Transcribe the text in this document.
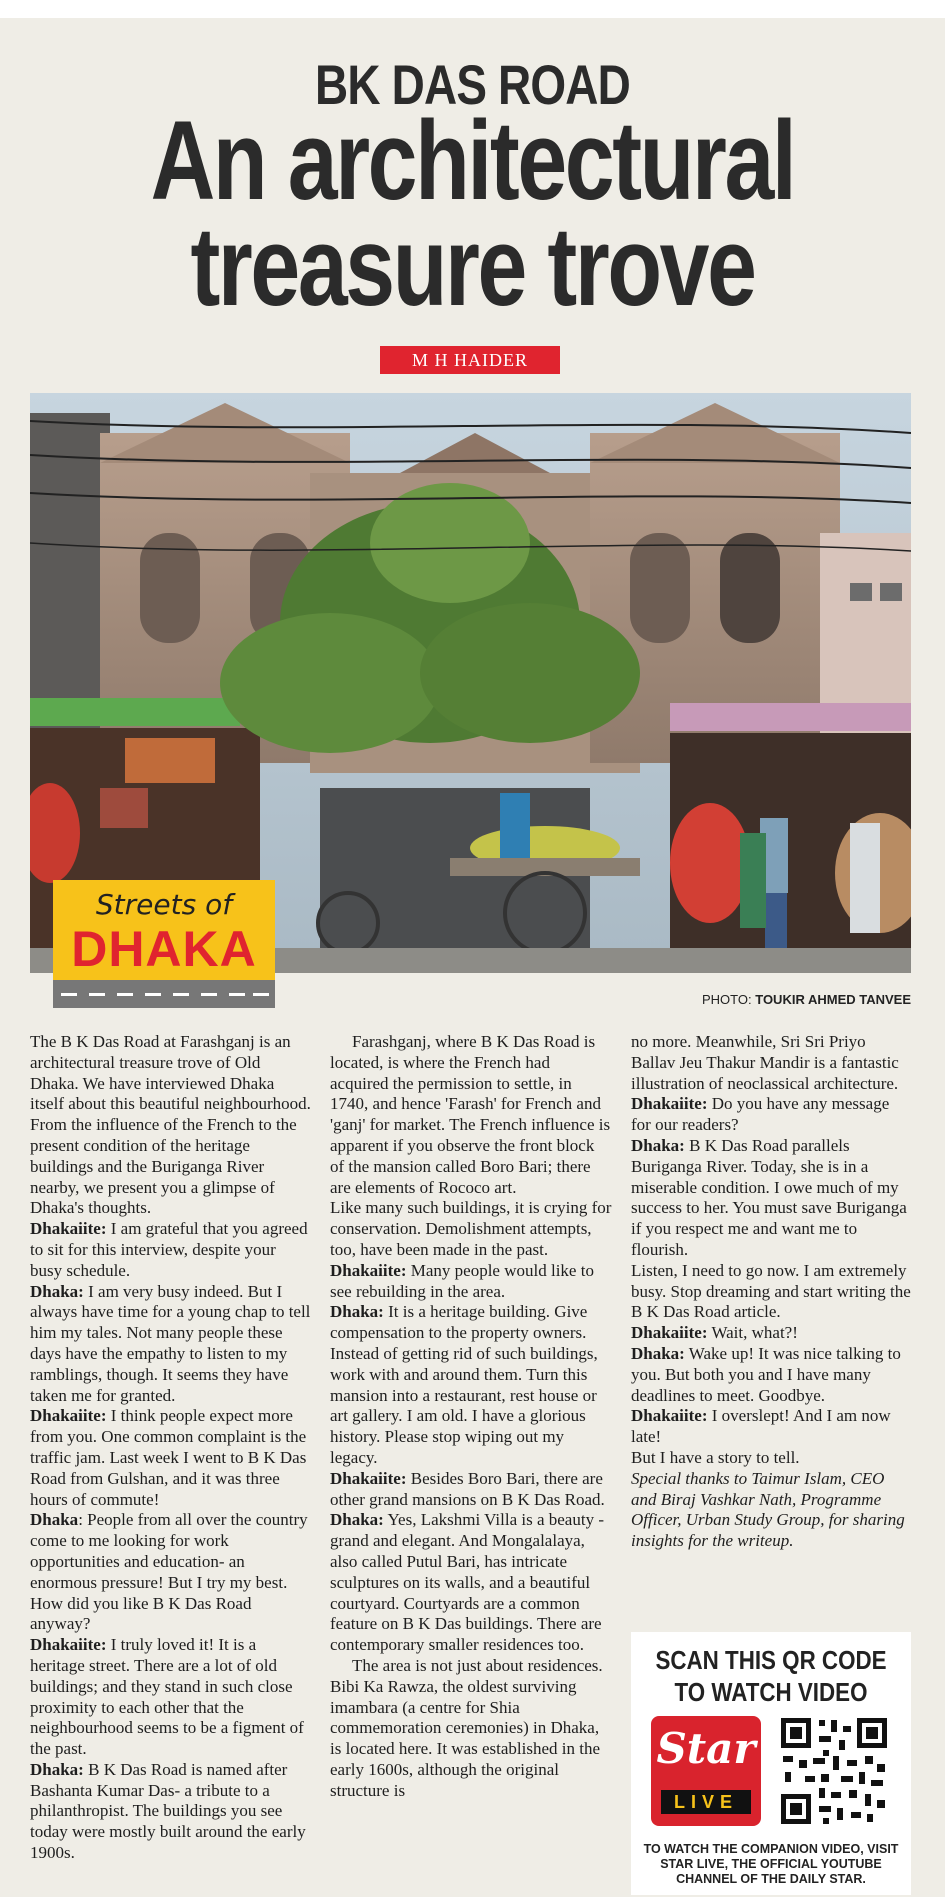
BK DAS ROAD
An architectural
treasure trove
M H HAIDER
Streets of
DHAKA
PHOTO: TOUKIR AHMED TANVEE

The B K Das Road at Farashganj is an architectural treasure trove of Old Dhaka. We have interviewed Dhaka itself about this beautiful neighbourhood. From the influence of the French to the present condition of the heritage buildings and the Buriganga River nearby, we present you a glimpse of Dhaka's thoughts.

Dhakaiite: I am grateful that you agreed to sit for this interview, despite your busy schedule.

Dhaka: I am very busy indeed. But I always have time for a young chap to tell him my tales. Not many people these days have the empathy to listen to my ramblings, though. It seems they have taken me for granted.

Dhakaiite: I think people expect more from you. One common complaint is the traffic jam. Last week I went to B K Das Road from Gulshan, and it was three hours of commute!

Dhaka: People from all over the country come to me looking for work opportunities and education- an enormous pressure! But I try my best. How did you like B K Das Road anyway?

Dhakaiite: I truly loved it! It is a heritage street. There are a lot of old buildings; and they stand in such close proximity to each other that the neighbourhood seems to be a figment of the past.

Dhaka: B K Das Road is named after Bashanta Kumar Das- a tribute to a philanthropist. The buildings you see today were mostly built around the early 1900s.

Farashganj, where B K Das Road is located, is where the French had acquired the permission to settle, in 1740, and hence 'Farash' for French and 'ganj' for market. The French influence is apparent if you observe the front block of the mansion called Boro Bari; there are elements of Rococo art.

Like many such buildings, it is crying for conservation. Demolishment attempts, too, have been made in the past.

Dhakaiite: Many people would like to see rebuilding in the area.

Dhaka: It is a heritage building. Give compensation to the property owners. Instead of getting rid of such buildings, work with and around them. Turn this mansion into a restaurant, rest house or art gallery. I am old. I have a glorious history. Please stop wiping out my legacy.

Dhakaiite: Besides Boro Bari, there are other grand mansions on B K Das Road.

Dhaka: Yes, Lakshmi Villa is a beauty - grand and elegant. And Mongalalaya, also called Putul Bari, has intricate sculptures on its walls, and a beautiful courtyard. Courtyards are a common feature on B K Das buildings. There are contemporary smaller residences too.

The area is not just about residences. Bibi Ka Rawza, the oldest surviving imambara (a centre for Shia commemoration ceremonies) in Dhaka, is located here. It was established in the early 1600s, although the original structure is

no more. Meanwhile, Sri Sri Priyo Ballav Jeu Thakur Mandir is a fantastic illustration of neoclassical architecture.

Dhakaiite: Do you have any message for our readers?

Dhaka: B K Das Road parallels Buriganga River. Today, she is in a miserable condition. I owe much of my success to her. You must save Buriganga if you respect me and want me to flourish.

Listen, I need to go now. I am extremely busy. Stop dreaming and start writing the B K Das Road article.

Dhakaiite: Wait, what?!

Dhaka: Wake up! It was nice talking to you. But both you and I have many deadlines to meet. Goodbye.

Dhakaiite: I overslept! And I am now late!

But I have a story to tell.

Special thanks to Taimur Islam, CEO and Biraj Vashkar Nath, Programme Officer, Urban Study Group, for sharing insights for the writeup.

SCAN THIS QR CODE
TO WATCH VIDEO
Star
LIVE
TO WATCH THE COMPANION VIDEO, VISIT STAR LIVE, THE OFFICIAL YOUTUBE CHANNEL OF THE DAILY STAR.
